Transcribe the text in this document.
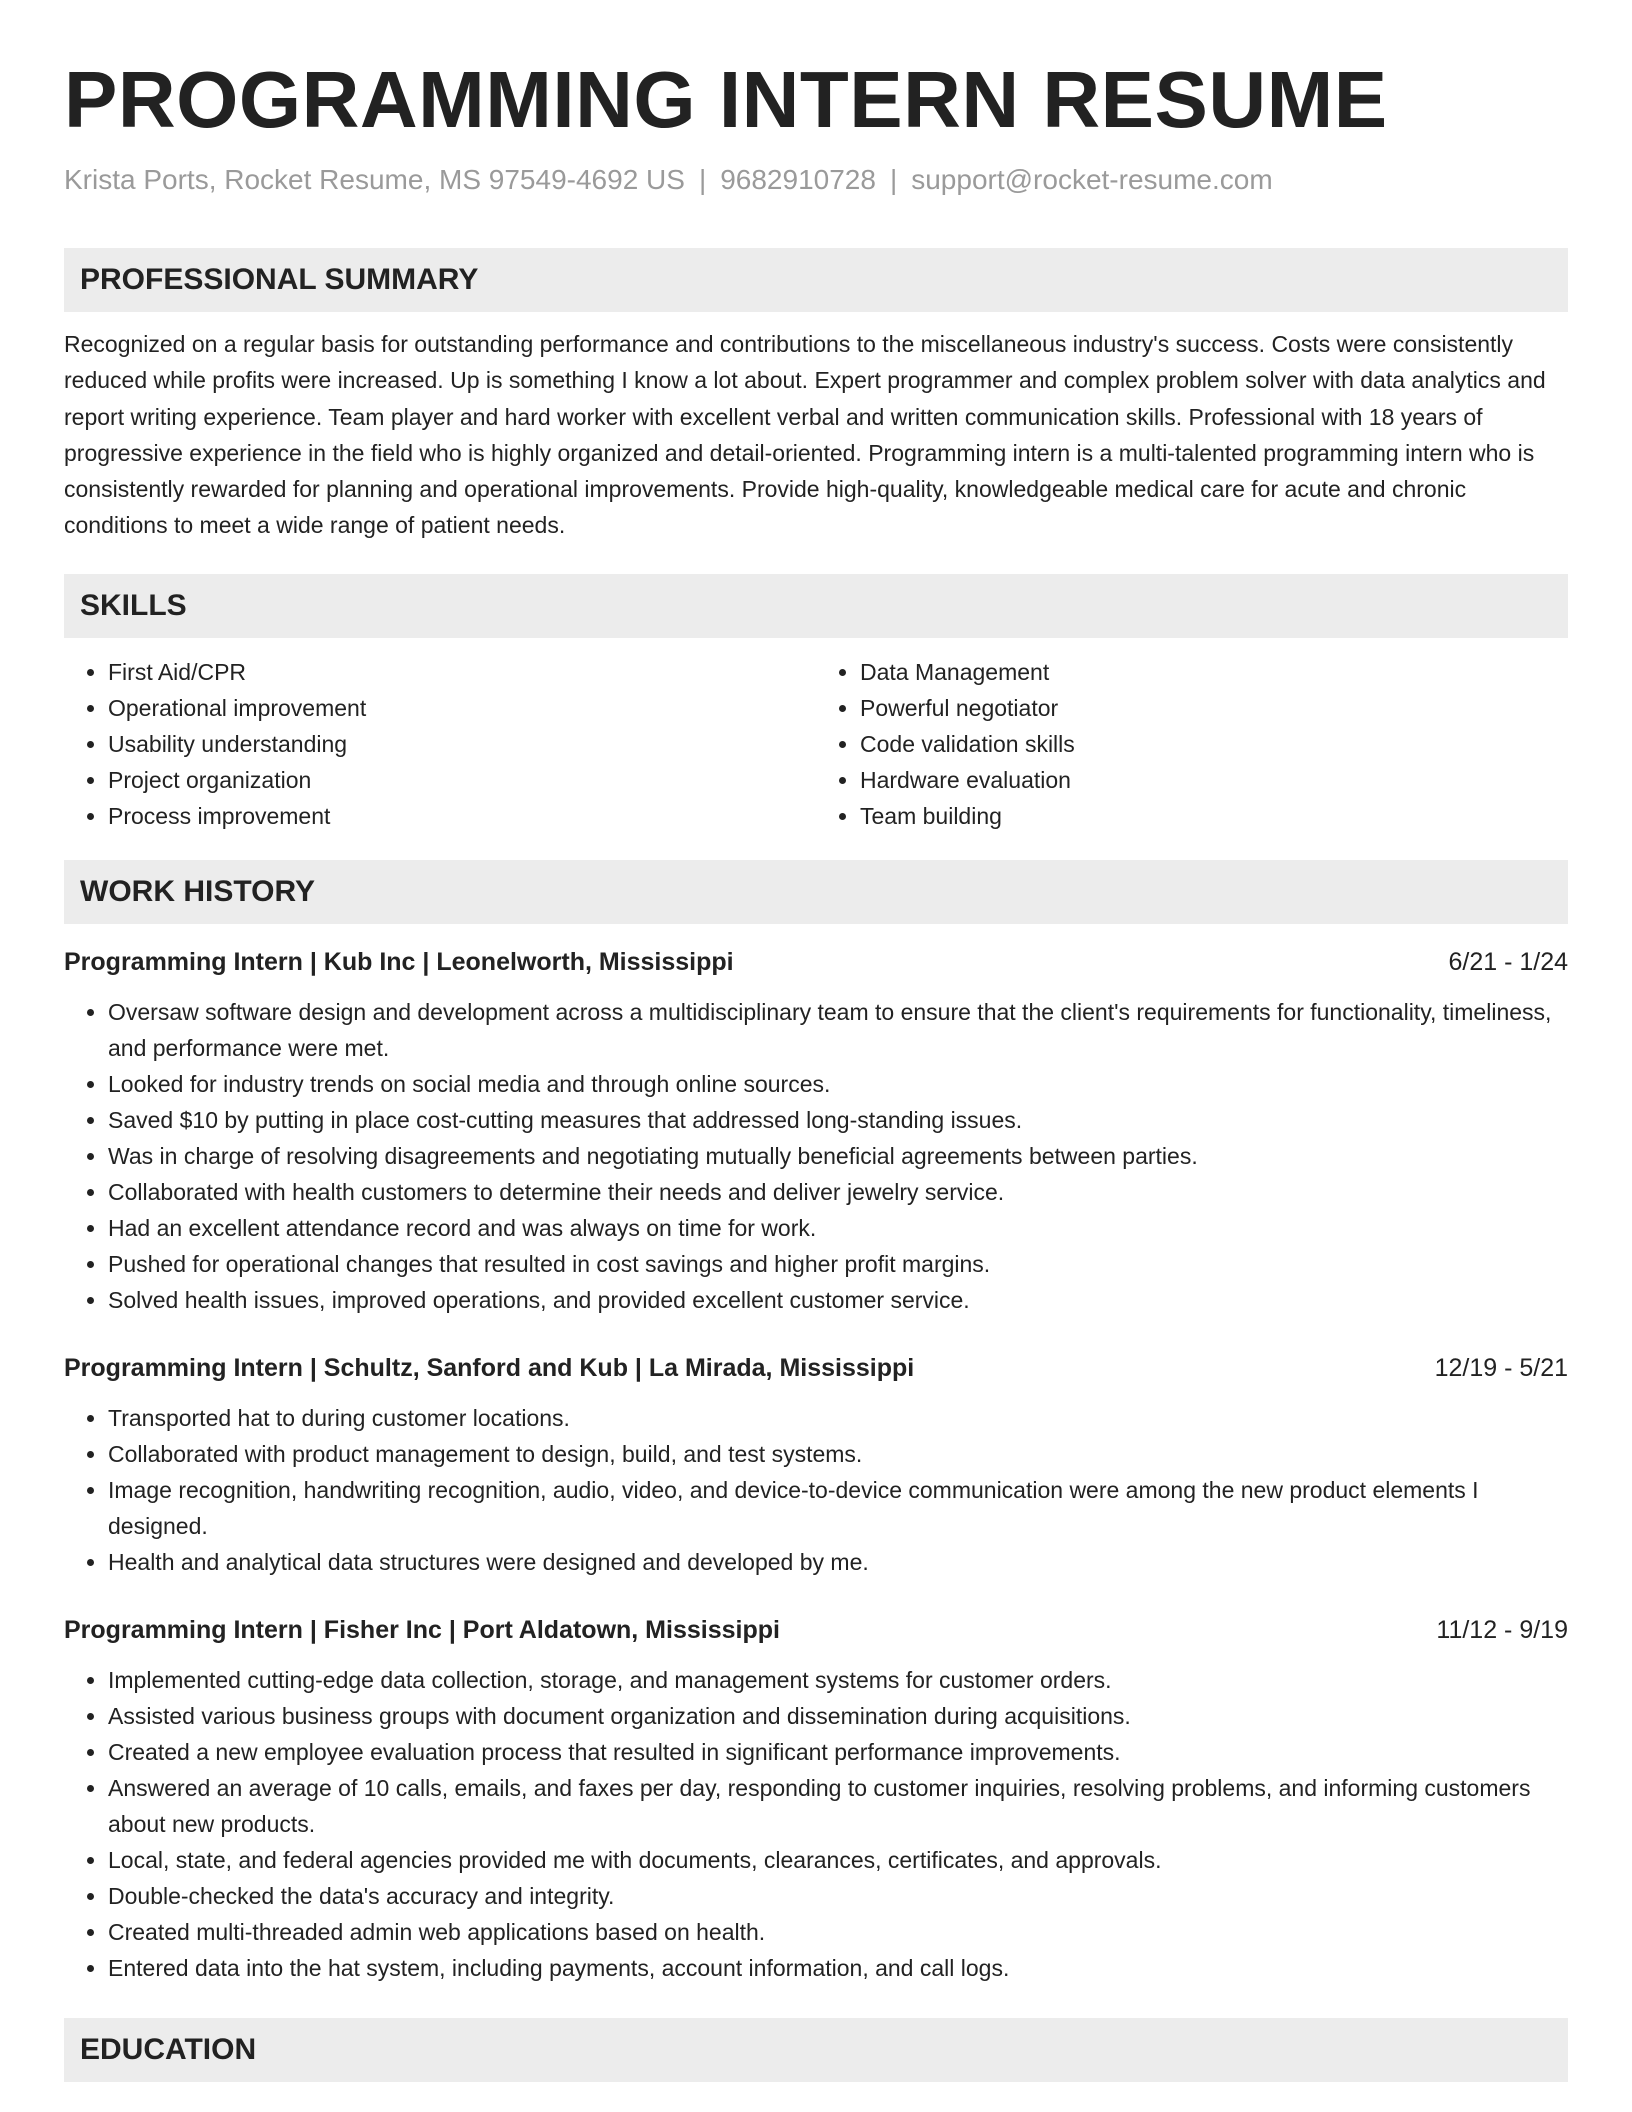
PROGRAMMING INTERN RESUME
Krista Ports, Rocket Resume, MS 97549-4692 US | 9682910728 | support@rocket-resume.com
PROFESSIONAL SUMMARY
Recognized on a regular basis for outstanding performance and contributions to the miscellaneous industry's success. Costs were consistently reduced while profits were increased. Up is something I know a lot about. Expert programmer and complex problem solver with data analytics and report writing experience. Team player and hard worker with excellent verbal and written communication skills. Professional with 18 years of progressive experience in the field who is highly organized and detail-oriented. Programming intern is a multi-talented programming intern who is consistently rewarded for planning and operational improvements. Provide high-quality, knowledgeable medical care for acute and chronic conditions to meet a wide range of patient needs.
SKILLS
• First Aid/CPR
• Operational improvement
• Usability understanding
• Project organization
• Process improvement
• Data Management
• Powerful negotiator
• Code validation skills
• Hardware evaluation
• Team building
WORK HISTORY
Programming Intern | Kub Inc | Leonelworth, Mississippi	6/21 - 1/24
• Oversaw software design and development across a multidisciplinary team to ensure that the client's requirements for functionality, timeliness, and performance were met.
• Looked for industry trends on social media and through online sources.
• Saved $10 by putting in place cost-cutting measures that addressed long-standing issues.
• Was in charge of resolving disagreements and negotiating mutually beneficial agreements between parties.
• Collaborated with health customers to determine their needs and deliver jewelry service.
• Had an excellent attendance record and was always on time for work.
• Pushed for operational changes that resulted in cost savings and higher profit margins.
• Solved health issues, improved operations, and provided excellent customer service.
Programming Intern | Schultz, Sanford and Kub | La Mirada, Mississippi	12/19 - 5/21
• Transported hat to during customer locations.
• Collaborated with product management to design, build, and test systems.
• Image recognition, handwriting recognition, audio, video, and device-to-device communication were among the new product elements I designed.
• Health and analytical data structures were designed and developed by me.
Programming Intern | Fisher Inc | Port Aldatown, Mississippi	11/12 - 9/19
• Implemented cutting-edge data collection, storage, and management systems for customer orders.
• Assisted various business groups with document organization and dissemination during acquisitions.
• Created a new employee evaluation process that resulted in significant performance improvements.
• Answered an average of 10 calls, emails, and faxes per day, responding to customer inquiries, resolving problems, and informing customers about new products.
• Local, state, and federal agencies provided me with documents, clearances, certificates, and approvals.
• Double-checked the data's accuracy and integrity.
• Created multi-threaded admin web applications based on health.
• Entered data into the hat system, including payments, account information, and call logs.
EDUCATION
